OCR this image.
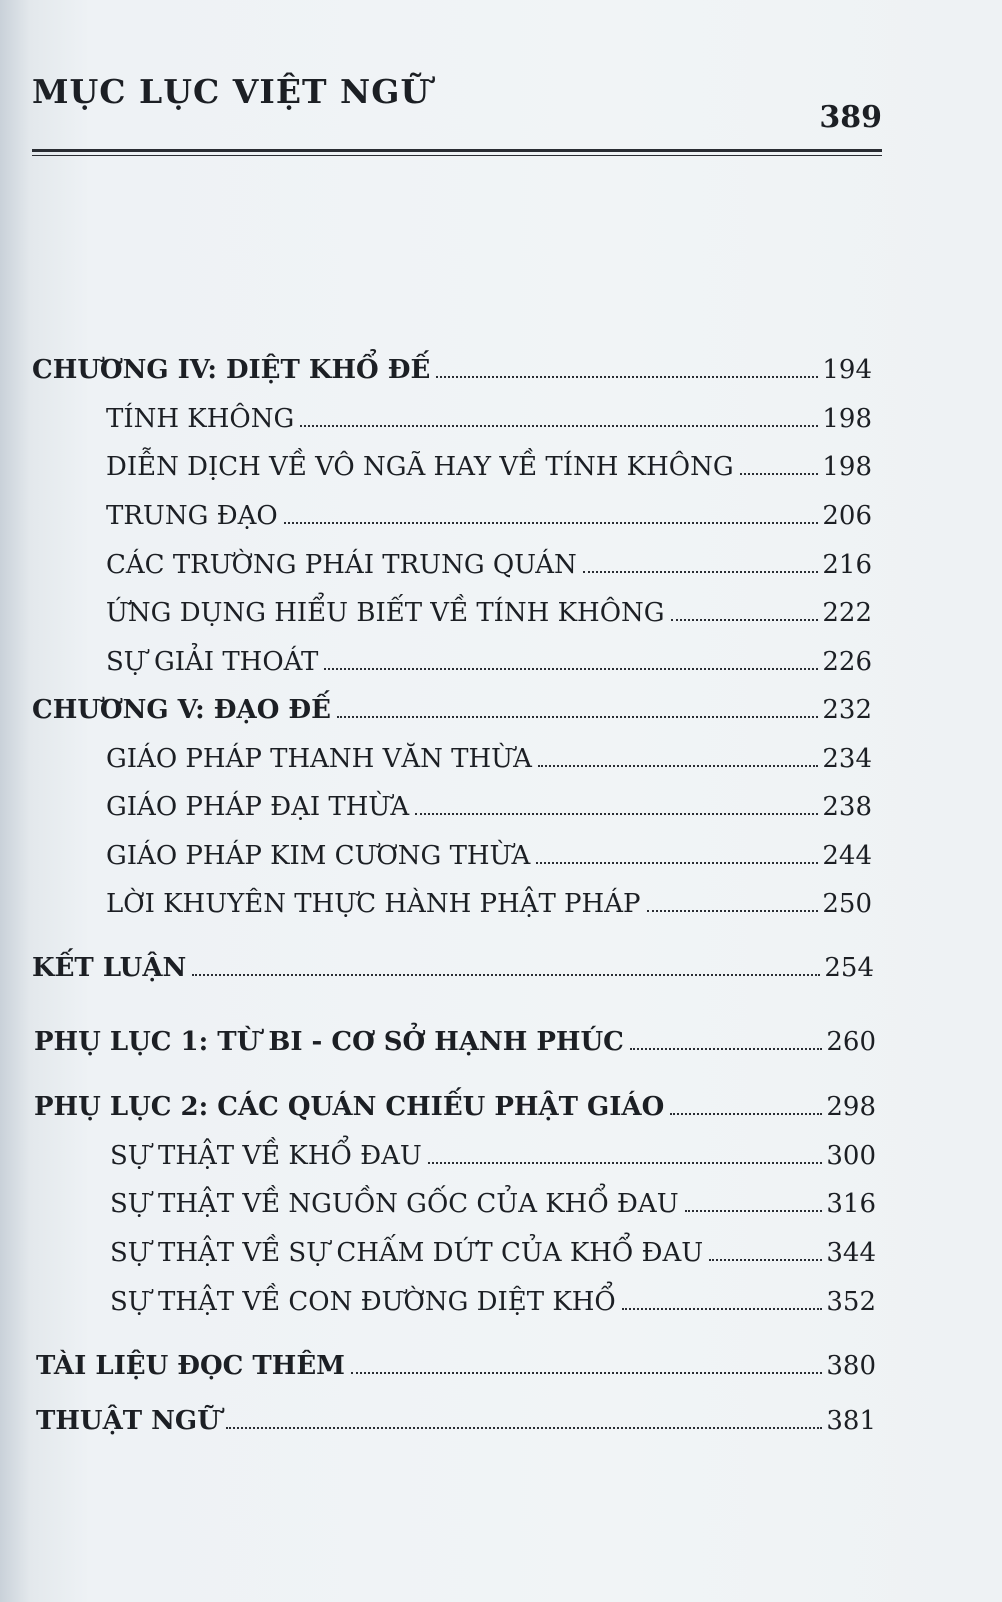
MỤC LỤC VIỆT NGỮ
389
CHƯƠNG IV: DIỆT KHỔ ĐẾ	194
TÍNH KHÔNG	198
DIỄN DỊCH VỀ VÔ NGÃ HAY VỀ TÍNH KHÔNG	198
TRUNG ĐẠO	206
CÁC TRƯỜNG PHÁI TRUNG QUÁN	216
ỨNG DỤNG HIỂU BIẾT VỀ TÍNH KHÔNG	222
SỰ GIẢI THOÁT	226
CHƯƠNG V: ĐẠO ĐẾ	232
GIÁO PHÁP THANH VĂN THỪA	234
GIÁO PHÁP ĐẠI THỪA	238
GIÁO PHÁP KIM CƯƠNG THỪA	244
LỜI KHUYÊN THỰC HÀNH PHẬT PHÁP	250
KẾT LUẬN	254
PHỤ LỤC 1: TỪ BI - CƠ SỞ HẠNH PHÚC	260
PHỤ LỤC 2: CÁC QUÁN CHIẾU PHẬT GIÁO	298
SỰ THẬT VỀ KHỔ ĐAU	300
SỰ THẬT VỀ NGUỒN GỐC CỦA KHỔ ĐAU	316
SỰ THẬT VỀ SỰ CHẤM DỨT CỦA KHỔ ĐAU	344
SỰ THẬT VỀ CON ĐƯỜNG DIỆT KHỔ	352
TÀI LIỆU ĐỌC THÊM	380
THUẬT NGỮ	381
